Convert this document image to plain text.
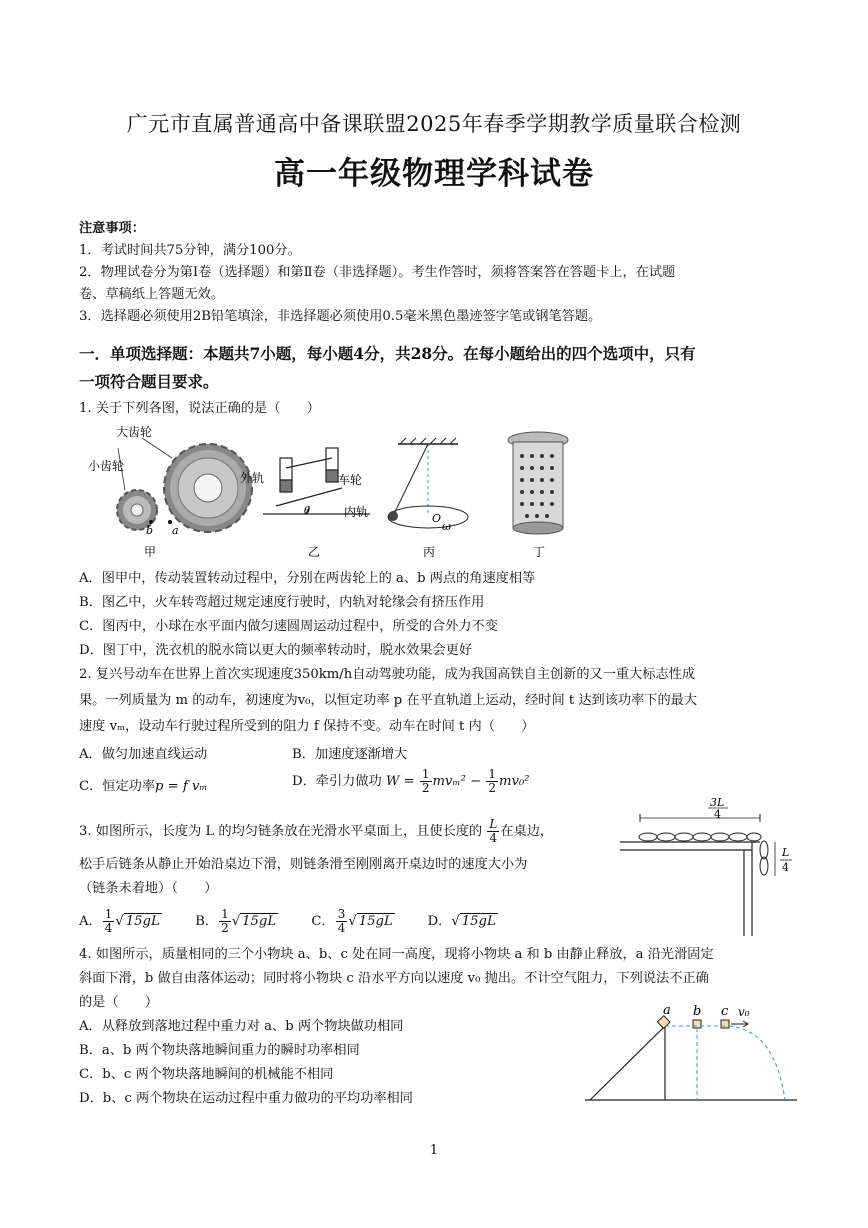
广元市直属普通高中备课联盟2025年春季学期教学质量联合检测
高一年级物理学科试卷
注意事项：
1．考试时间共75分钟，满分100分。
2．物理试卷分为第Ⅰ卷（选择题）和第Ⅱ卷（非选择题）。考生作答时，须将答案答在答题卡上，在试题
卷、草稿纸上答题无效。
3．选择题必须使用2B铅笔填涂，非选择题必须使用0.5毫米黑色墨迹签字笔或钢笔答题。
一．单项选择题：本题共7小题，每小题4分，共28分。在每小题给出的四个选项中，只有
一项符合题目要求。
1. 关于下列各图，说法正确的是（　　）
大齿轮
小齿轮
b a
甲
外轨	车轮
内轨
θ
乙
O
ω
丙	丁
A．图甲中，传动装置转动过程中，分别在两齿轮上的 a、b 两点的角速度相等
B．图乙中，火车转弯超过规定速度行驶时，内轨对轮缘会有挤压作用
C．图丙中，小球在水平面内做匀速圆周运动过程中，所受的合外力不变
D．图丁中，洗衣机的脱水筒以更大的频率转动时，脱水效果会更好
2. 复兴号动车在世界上首次实现速度350km/h自动驾驶功能，成为我国高铁自主创新的又一重大标志性成
果。一列质量为 m 的动车，初速度为v₀，以恒定功率 p 在平直轨道上运动，经时间 t 达到该功率下的最大
速度 vₘ，设动车行驶过程所受到的阻力 f 保持不变。动车在时间 t 内（　　）
A．做匀加速直线运动	B．加速度逐渐增大
C．恒定功率p = f vₘ	D．牵引力做功 $W = \frac{1}{2} mv_m^2 - \frac{1}{2} mv_0^2$
3. 如图所示，长度为 L 的均匀链条放在光滑水平桌面上，且使长度的 $\frac{L}{4}$ 在桌边，
松手后链条从静止开始沿桌边下滑，则链条滑至刚刚离开桌边时的速度大小为
（链条未着地）（　　）
3L
4
L
4
A． $\frac{1}{4}$ √ 15gL	B． $\frac{1}{2}$ √ 15gL	C． $\frac{3}{4}$ √ 15gL	D．√ 15gL
4. 如图所示，质量相同的三个小物块 a、b、c 处在同一高度，现将小物块 a 和 b 由静止释放，a 沿光滑固定
斜面下滑，b 做自由落体运动；同时将小物块 c 沿水平方向以速度 v₀ 抛出。不计空气阻力，下列说法不正确
的是（　　）
A．从释放到落地过程中重力对 a、b 两个物块做功相同
B．a、b 两个物块落地瞬间重力的瞬时功率相同
C．b、c 两个物块落地瞬间的机械能不相同
D．b、c 两个物块在运动过程中重力做功的平均功率相同
a b c v₀
1
